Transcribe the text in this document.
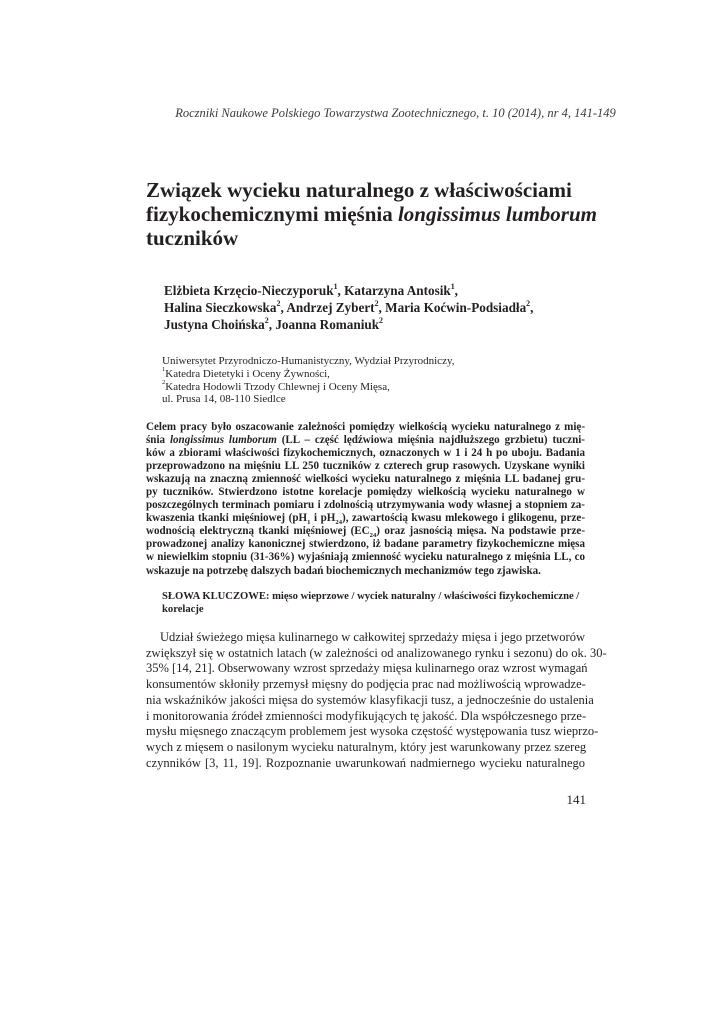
Roczniki Naukowe Polskiego Towarzystwa Zootechnicznego, t. 10 (2014), nr 4, 141-149
Związek wycieku naturalnego z właściwościami
fizykochemicznymi mięśnia longissimus lumborum
tuczników
Elżbieta Krzęcio-Nieczyporuk$^1$, Katarzyna Antosik$^1$,
Halina Sieczkowska$^2$, Andrzej Zybert$^2$, Maria Koćwin-Podsiadła$^2$,
Justyna Choińska$^2$, Joanna Romaniuk$^2$
Uniwersytet Przyrodniczo-Humanistyczny, Wydział Przyrodniczy,
$^1$Katedra Dietetyki i Oceny Żywności,
$^2$Katedra Hodowli Trzody Chlewnej i Oceny Mięsa,
ul. Prusa 14, 08-110 Siedlce
Celem pracy było oszacowanie zależności pomiędzy wielkością wycieku naturalnego z mię-
śnia longissimus lumborum (LL – część lędźwiowa mięśnia najdłuższego grzbietu) tuczni-
ków a zbiorami właściwości fizykochemicznych, oznaczonych w 1 i 24 h po uboju. Badania
przeprowadzono na mięśniu LL 250 tuczników z czterech grup rasowych. Uzyskane wyniki
wskazują na znaczną zmienność wielkości wycieku naturalnego z mięśnia LL badanej gru-
py tuczników. Stwierdzono istotne korelacje pomiędzy wielkością wycieku naturalnego w
poszczególnych terminach pomiaru i zdolnością utrzymywania wody własnej a stopniem za-
kwaszenia tkanki mięśniowej ($pH_1$ i $pH_{24}$), zawartością kwasu mlekowego i glikogenu, prze-
wodnością elektryczną tkanki mięśniowej $(EC_{24})$ oraz jasnością mięsa. Na podstawie prze-
prowadzonej analizy kanonicznej stwierdzono, iż badane parametry fizykochemiczne mięsa
w niewielkim stopniu (31-36%) wyjaśniają zmienność wycieku naturalnego z mięśnia LL, co
wskazuje na potrzebę dalszych badań biochemicznych mechanizmów tego zjawiska.
SŁOWA KLUCZOWE: mięso wieprzowe / wyciek naturalny / właściwości fizykochemiczne /
korelacje
Udział świeżego mięsa kulinarnego w całkowitej sprzedaży mięsa i jego przetworów
zwiększył się w ostatnich latach (w zależności od analizowanego rynku i sezonu) do ok. 30-
35% [14, 21]. Obserwowany wzrost sprzedaży mięsa kulinarnego oraz wzrost wymagań
konsumentów skłoniły przemysł mięsny do podjęcia prac nad możliwością wprowadze-
nia wskaźników jakości mięsa do systemów klasyfikacji tusz, a jednocześnie do ustalenia
i monitorowania źródeł zmienności modyfikujących tę jakość. Dla współczesnego prze-
mysłu mięsnego znaczącym problemem jest wysoka częstość występowania tusz wieprzo-
wych z mięsem o nasilonym wycieku naturalnym, który jest warunkowany przez szereg
czynników [3, 11, 19]. Rozpoznanie uwarunkowań nadmiernego wycieku naturalnego
141
